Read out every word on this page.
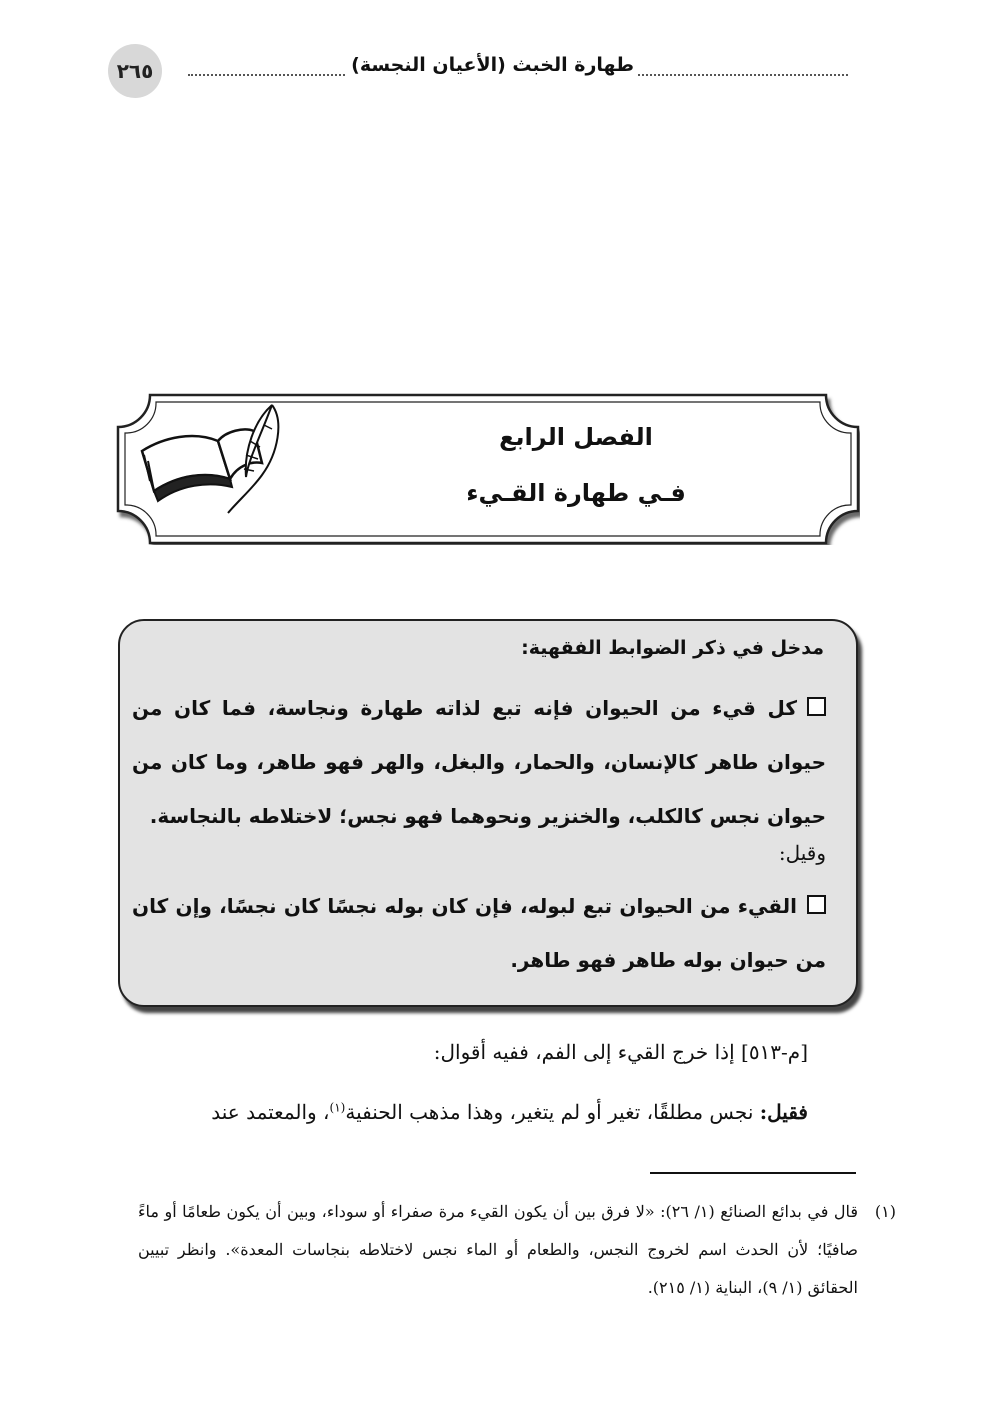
طهارة الخبث (الأعيان النجسة)
٢٦٥
الفصل الرابع
فـي طهارة القـيء
مدخل في ذكر الضوابط الفقهية:
كل قيء من الحيوان فإنه تبع لذاته طهارة ونجاسة، فما كان من حيوان طاهر كالإنسان، والحمار، والبغل، والهر فهو طاهر، وما كان من حيوان نجس كالكلب، والخنزير ونحوهما فهو نجس؛ لاختلاطه بالنجاسة.
وقيل:
القيء من الحيوان تبع لبوله، فإن كان بوله نجسًا كان نجسًا، وإن كان من حيوان بوله طاهر فهو طاهر.
[م-٥١٣] إذا خرج القيء إلى الفم، ففيه أقوال:
فقيل: نجس مطلقًا، تغير أو لم يتغير، وهذا مذهب الحنفية$^{(١)}$، والمعتمد عند
(١)
قال في بدائع الصنائع (١/ ٢٦): «لا فرق بين أن يكون القيء مرة صفراء أو سوداء، وبين أن يكون طعامًا أو ماءً صافيًا؛ لأن الحدث اسم لخروج النجس، والطعام أو الماء نجس لاختلاطه بنجاسات المعدة». وانظر تبيين الحقائق (١/ ٩)، البناية (١/ ٢١٥).
